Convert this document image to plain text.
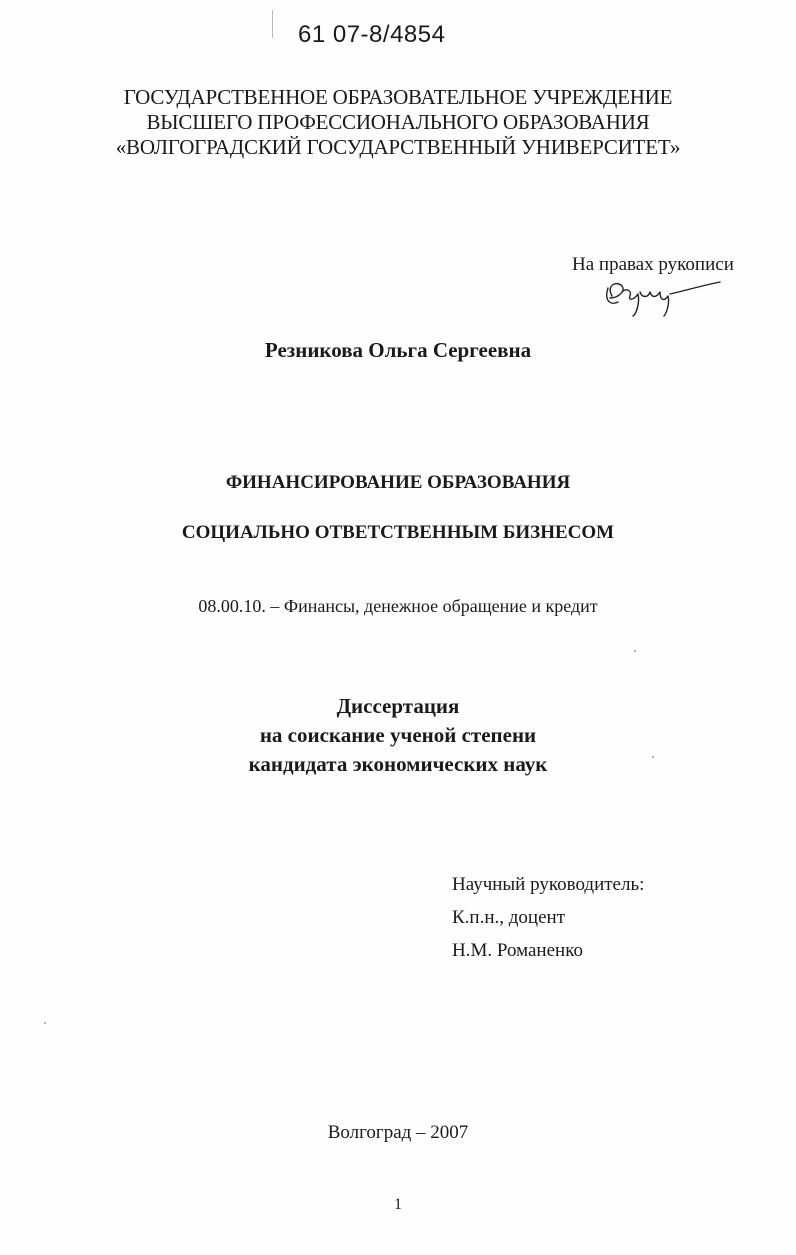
61 07-8/4854
ГОСУДАРСТВЕННОЕ ОБРАЗОВАТЕЛЬНОЕ УЧРЕЖДЕНИЕ
ВЫСШЕГО ПРОФЕССИОНАЛЬНОГО ОБРАЗОВАНИЯ
«ВОЛГОГРАДСКИЙ ГОСУДАРСТВЕННЫЙ УНИВЕРСИТЕТ»
На правах рукописи
Резникова Ольга Сергеевна
ФИНАНСИРОВАНИЕ ОБРАЗОВАНИЯ
СОЦИАЛЬНО ОТВЕТСТВЕННЫМ БИЗНЕСОМ
08.00.10. – Финансы, денежное обращение и кредит
Диссертация
на соискание ученой степени
кандидата экономических наук
Научный руководитель:
К.п.н., доцент
Н.М. Романенко
Волгоград – 2007
1
